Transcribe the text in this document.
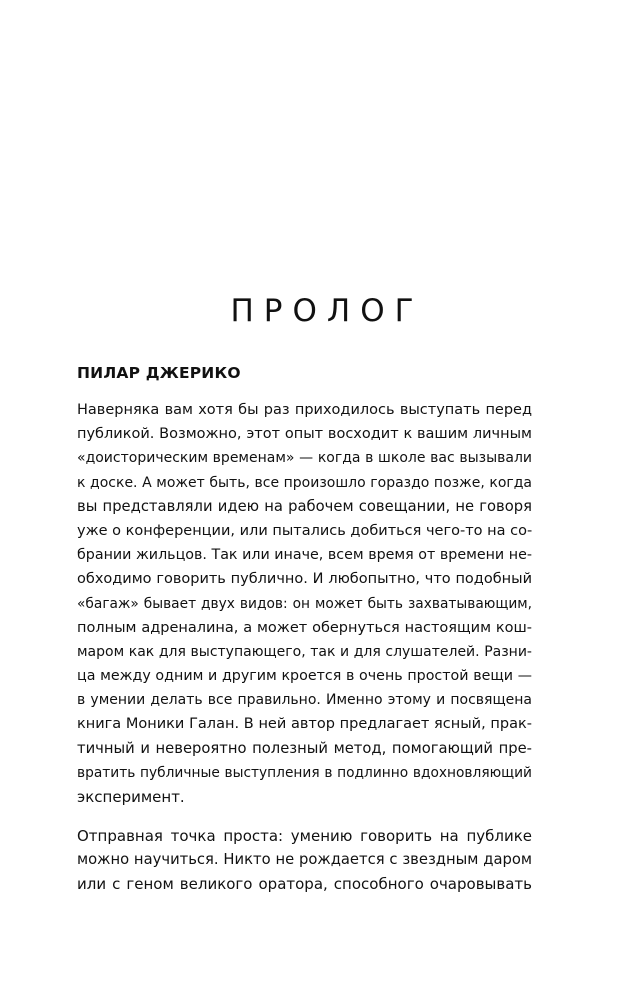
ПРОЛОГ
ПИЛАР ДЖЕРИКО
Наверняка вам хотя бы раз приходилось выступать перед
публикой. Возможно, этот опыт восходит к вашим личным
«доисторическим временам» — когда в школе вас вызывали
к доске. А может быть, все произошло гораздо позже, когда
вы представляли идею на рабочем совещании, не говоря
уже о конференции, или пытались добиться чего-то на со-
брании жильцов. Так или иначе, всем время от времени не-
обходимо говорить публично. И любопытно, что подобный
«багаж» бывает двух видов: он может быть захватывающим,
полным адреналина, а может обернуться настоящим кош-
маром как для выступающего, так и для слушателей. Разни-
ца между одним и другим кроется в очень простой вещи —
в умении делать все правильно. Именно этому и посвящена
книга Моники Галан. В ней автор предлагает ясный, прак-
тичный и невероятно полезный метод, помогающий пре-
вратить публичные выступления в подлинно вдохновляющий
эксперимент.
Отправная точка проста: умению говорить на публике
можно научиться. Никто не рождается с звездным даром
или с геном великого оратора, способного очаровывать
